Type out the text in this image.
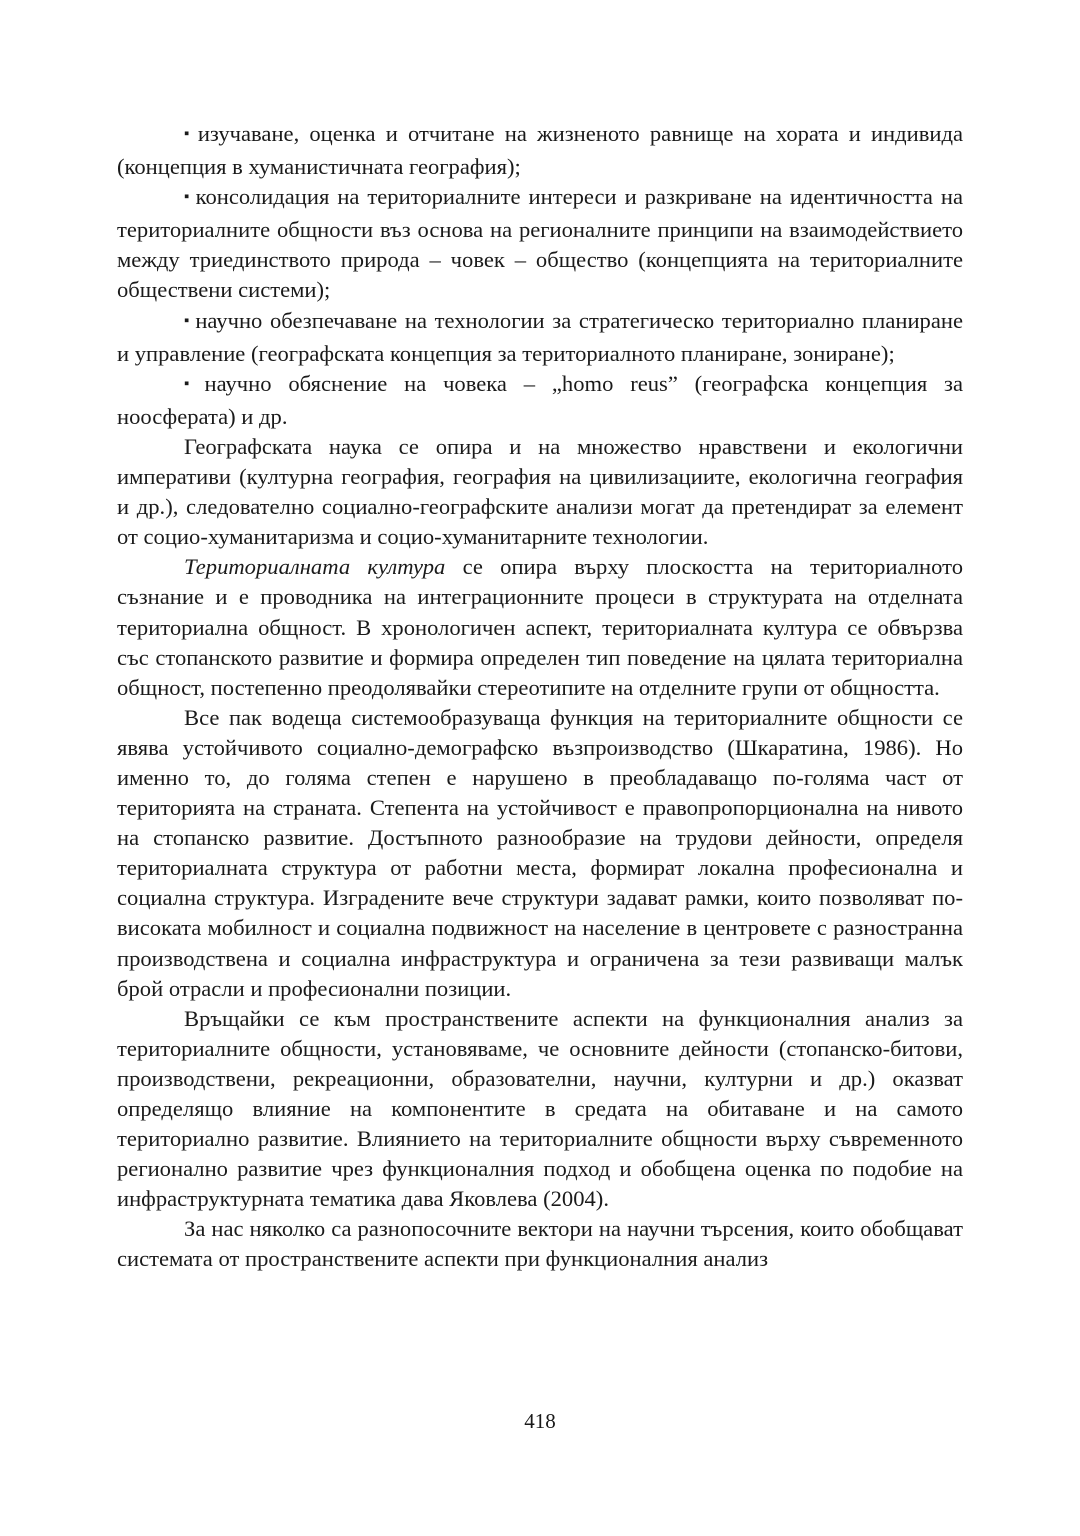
▪ изучаване, оценка и отчитане на жизненото равнище на хората и индивида (концепция в хуманистичната география);

▪ консолидация на териториалните интереси и разкриване на идентичността на териториалните общности въз основа на регионалните принципи на взаимодействието между триединството природа – човек – общество (концепцията на териториалните обществени системи);

▪ научно обезпечаване на технологии за стратегическо териториално планиране и управление (географската концепция за териториалното планиране, зониране);

▪ научно обяснение на човека – „homo reus” (географска концепция за ноосферата) и др.

Географската наука се опира и на множество нравствени и екологични императиви (културна география, география на цивилизациите, екологична география и др.), следователно социално-географските анализи могат да претендират за елемент от социо-хуманитаризма и социо-хуманитарните технологии.

Териториалната култура се опира върху плоскостта на териториалното съзнание и е проводника на интеграционните процеси в структурата на отделната териториална общност. В хронологичен аспект, териториалната култура се обвързва със стопанското развитие и формира определен тип поведение на цялата териториална общност, постепенно преодолявайки стереотипите на отделните групи от общността.

Все пак водеща системообразуваща функция на териториалните общности се явява устойчивото социално-демографско възпроизводство (Шкаратина, 1986). Но именно то, до голяма степен е нарушено в преобладаващо по-голяма част от територията на страната. Степента на устойчивост е правопропорционална на нивото на стопанско развитие. Достъпното разнообразие на трудови дейности, определя териториалната структура от работни места, формират локална професионална и социална структура. Изградените вече структури задават рамки, които позволяват по-високата мобилност и социална подвижност на население в центровете с разностранна производствена и социална инфраструктура и ограничена за тези развиващи малък брой отрасли и професионални позиции.

Връщайки се към пространствените аспекти на функционалния анализ за териториалните общности, установяваме, че основните дейности (стопанско-битови, производствени, рекреационни, образователни, научни, културни и др.) оказват определящо влияние на компонентите в средата на обитаване и на самото териториално развитие. Влиянието на териториалните общности върху съвременното регионално развитие чрез функционалния подход и обобщена оценка по подобие на инфраструктурната тематика дава Яковлева (2004).

За нас няколко са разнопосочните вектори на научни търсения, които обобщават системата от пространствените аспекти при функционалния анализ

418
